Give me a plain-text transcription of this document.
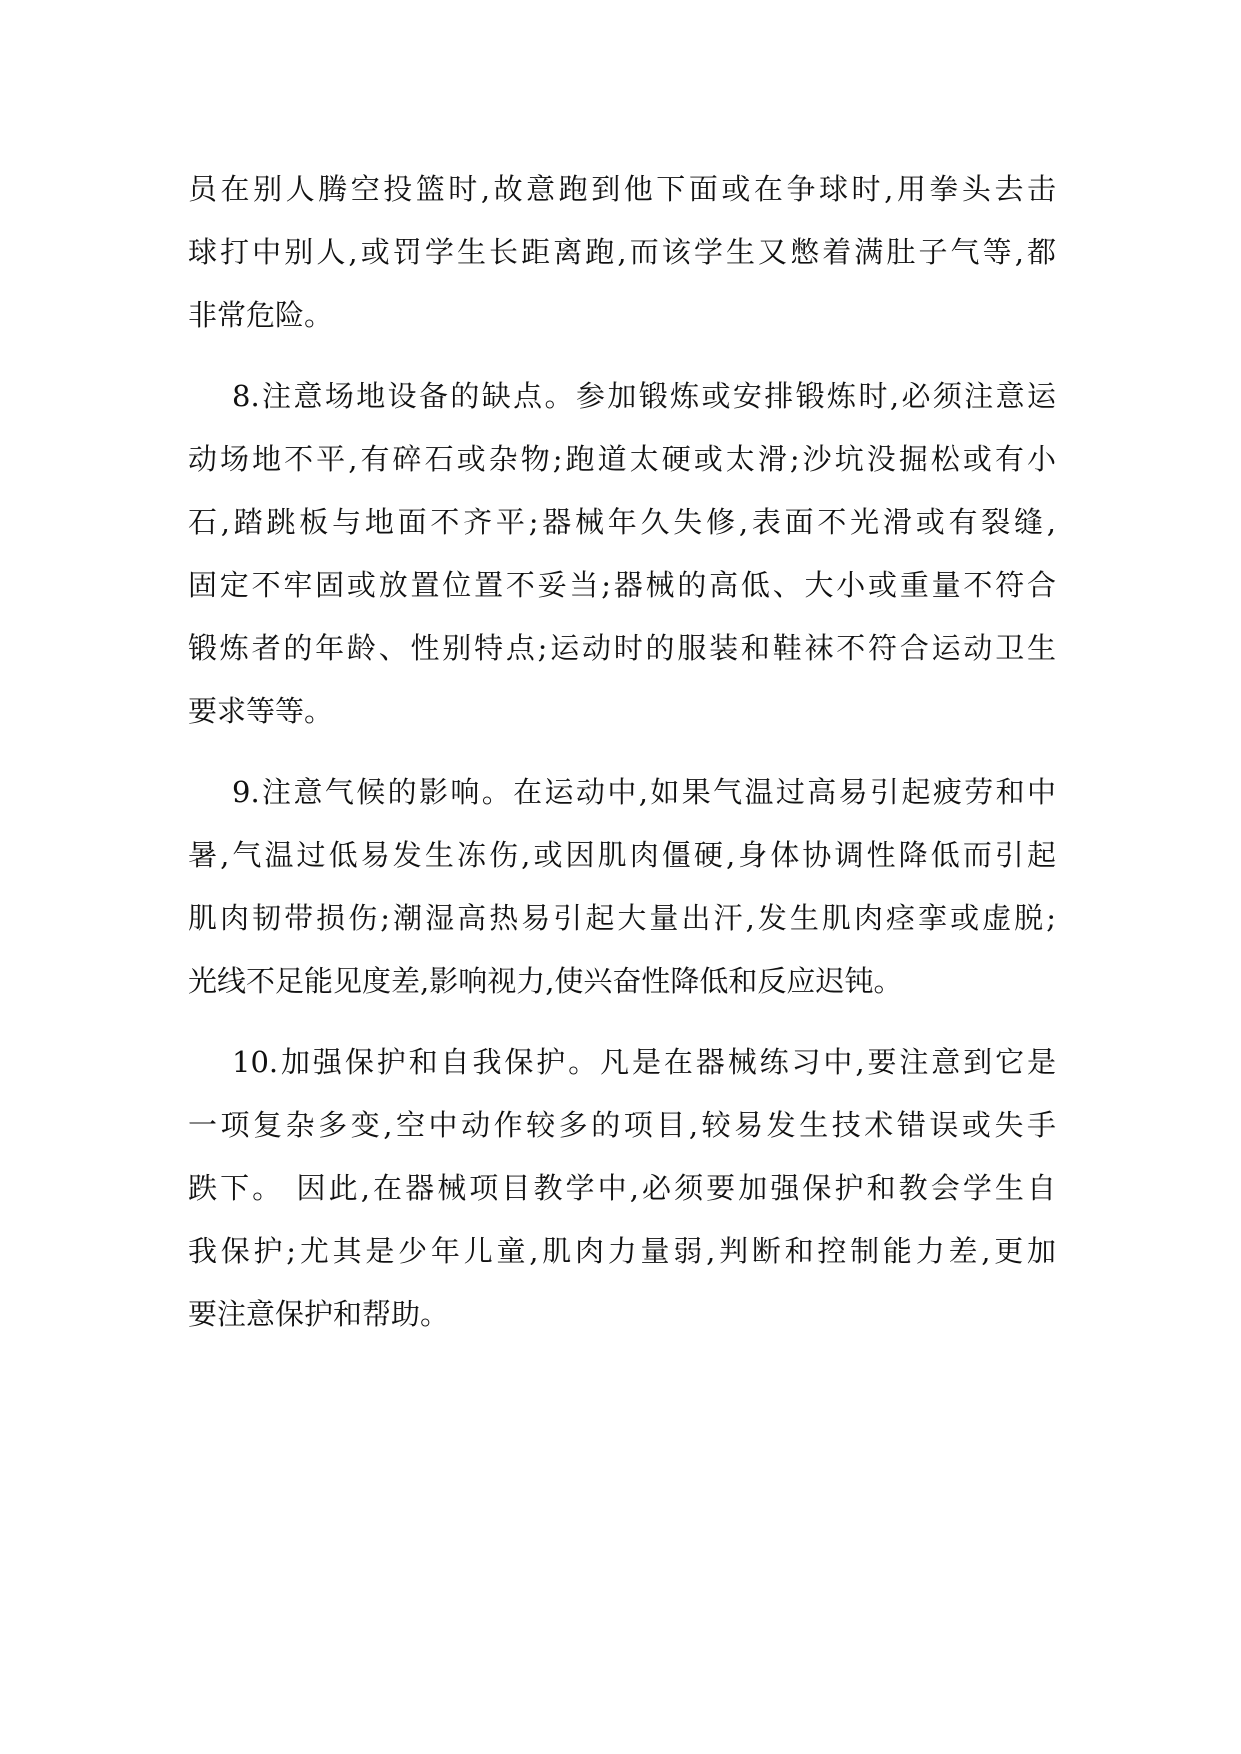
员在别人腾空投篮时,故意跑到他下面或在争球时,用拳头去击
球打中别人,或罚学生长距离跑,而该学生又憋着满肚子气等,都
非常危险。
8.注意场地设备的缺点。参加锻炼或安排锻炼时,必须注意运
动场地不平,有碎石或杂物;跑道太硬或太滑;沙坑没掘松或有小
石,踏跳板与地面不齐平;器械年久失修,表面不光滑或有裂缝,
固定不牢固或放置位置不妥当;器械的高低、大小或重量不符合
锻炼者的年龄、性别特点;运动时的服装和鞋袜不符合运动卫生
要求等等。
9.注意气候的影响。在运动中,如果气温过高易引起疲劳和中
暑,气温过低易发生冻伤,或因肌肉僵硬,身体协调性降低而引起
肌肉韧带损伤;潮湿高热易引起大量出汗,发生肌肉痉挛或虚脱;
光线不足能见度差,影响视力,使兴奋性降低和反应迟钝。
10.加强保护和自我保护。凡是在器械练习中,要注意到它是
一项复杂多变,空中动作较多的项目,较易发生技术错误或失手
跌下。 因此,在器械项目教学中,必须要加强保护和教会学生自
我保护;尤其是少年儿童,肌肉力量弱,判断和控制能力差,更加
要注意保护和帮助。
